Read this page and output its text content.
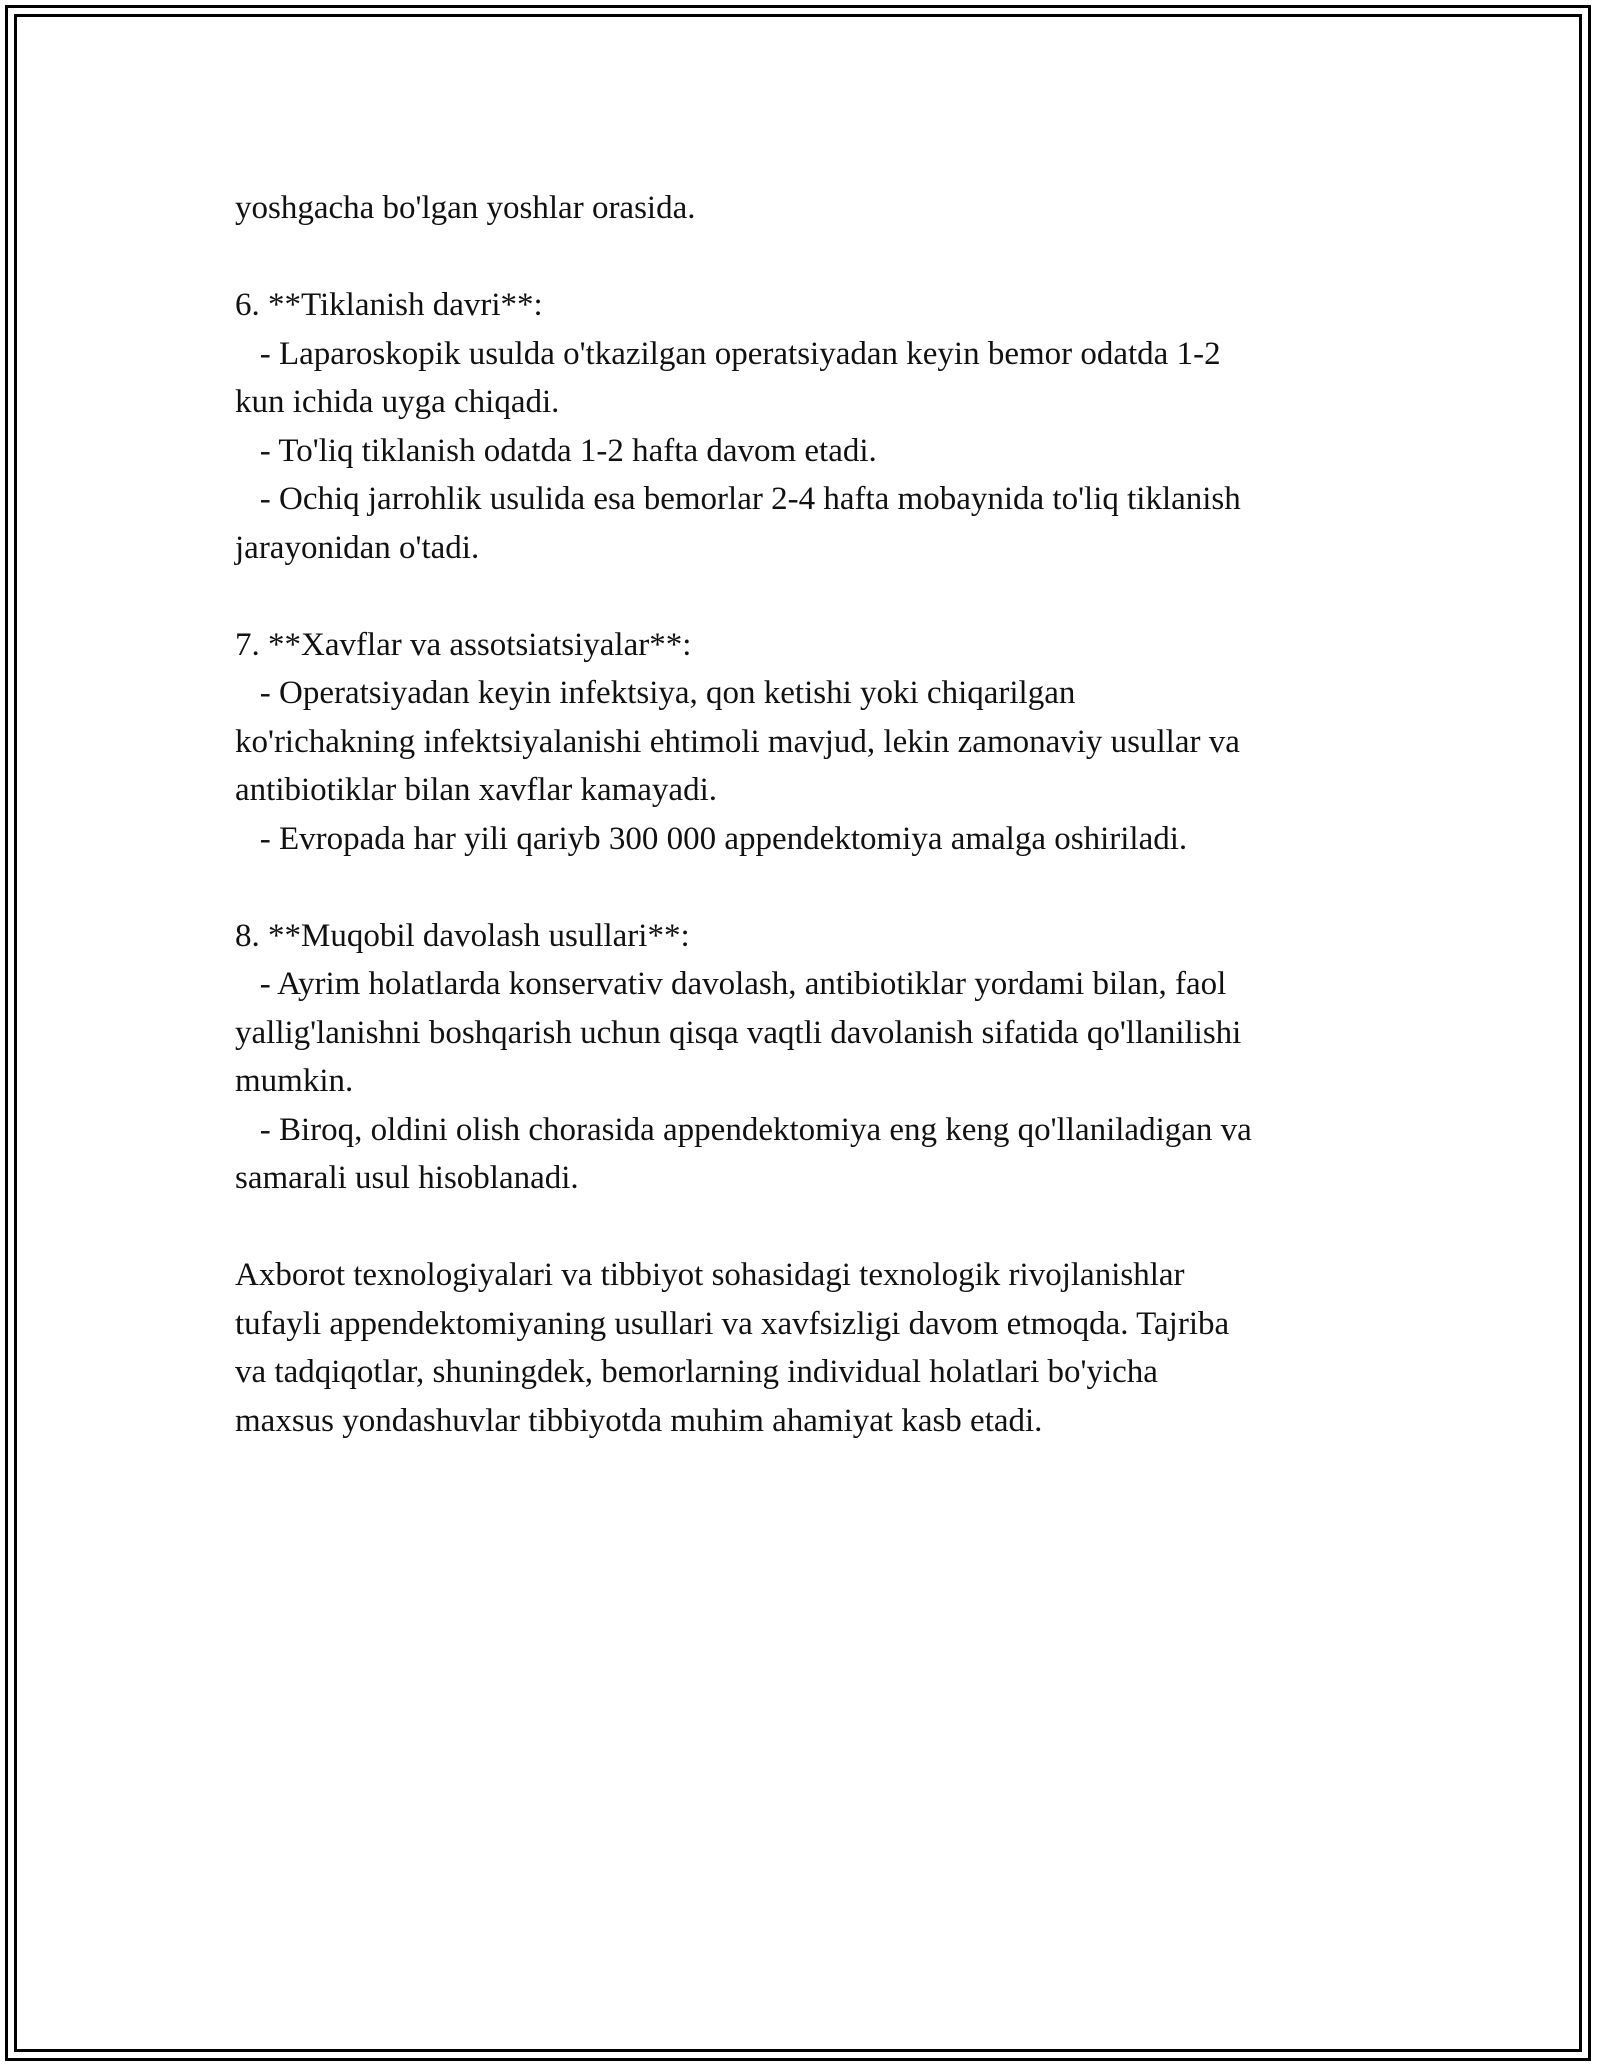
yoshgacha bo'lgan yoshlar orasida.
6. **Tiklanish davri**:
- Laparoskopik usulda o'tkazilgan operatsiyadan keyin bemor odatda 1-2
kun ichida uyga chiqadi.
- To'liq tiklanish odatda 1-2 hafta davom etadi.
- Ochiq jarrohlik usulida esa bemorlar 2-4 hafta mobaynida to'liq tiklanish
jarayonidan o'tadi.
7. **Xavflar va assotsiatsiyalar**:
- Operatsiyadan keyin infektsiya, qon ketishi yoki chiqarilgan
ko'richakning infektsiyalanishi ehtimoli mavjud, lekin zamonaviy usullar va
antibiotiklar bilan xavflar kamayadi.
- Evropada har yili qariyb 300 000 appendektomiya amalga oshiriladi.
8. **Muqobil davolash usullari**:
- Ayrim holatlarda konservativ davolash, antibiotiklar yordami bilan, faol
yallig'lanishni boshqarish uchun qisqa vaqtli davolanish sifatida qo'llanilishi
mumkin.
- Biroq, oldini olish chorasida appendektomiya eng keng qo'llaniladigan va
samarali usul hisoblanadi.
Axborot texnologiyalari va tibbiyot sohasidagi texnologik rivojlanishlar
tufayli appendektomiyaning usullari va xavfsizligi davom etmoqda. Tajriba
va tadqiqotlar, shuningdek, bemorlarning individual holatlari bo'yicha
maxsus yondashuvlar tibbiyotda muhim ahamiyat kasb etadi.
